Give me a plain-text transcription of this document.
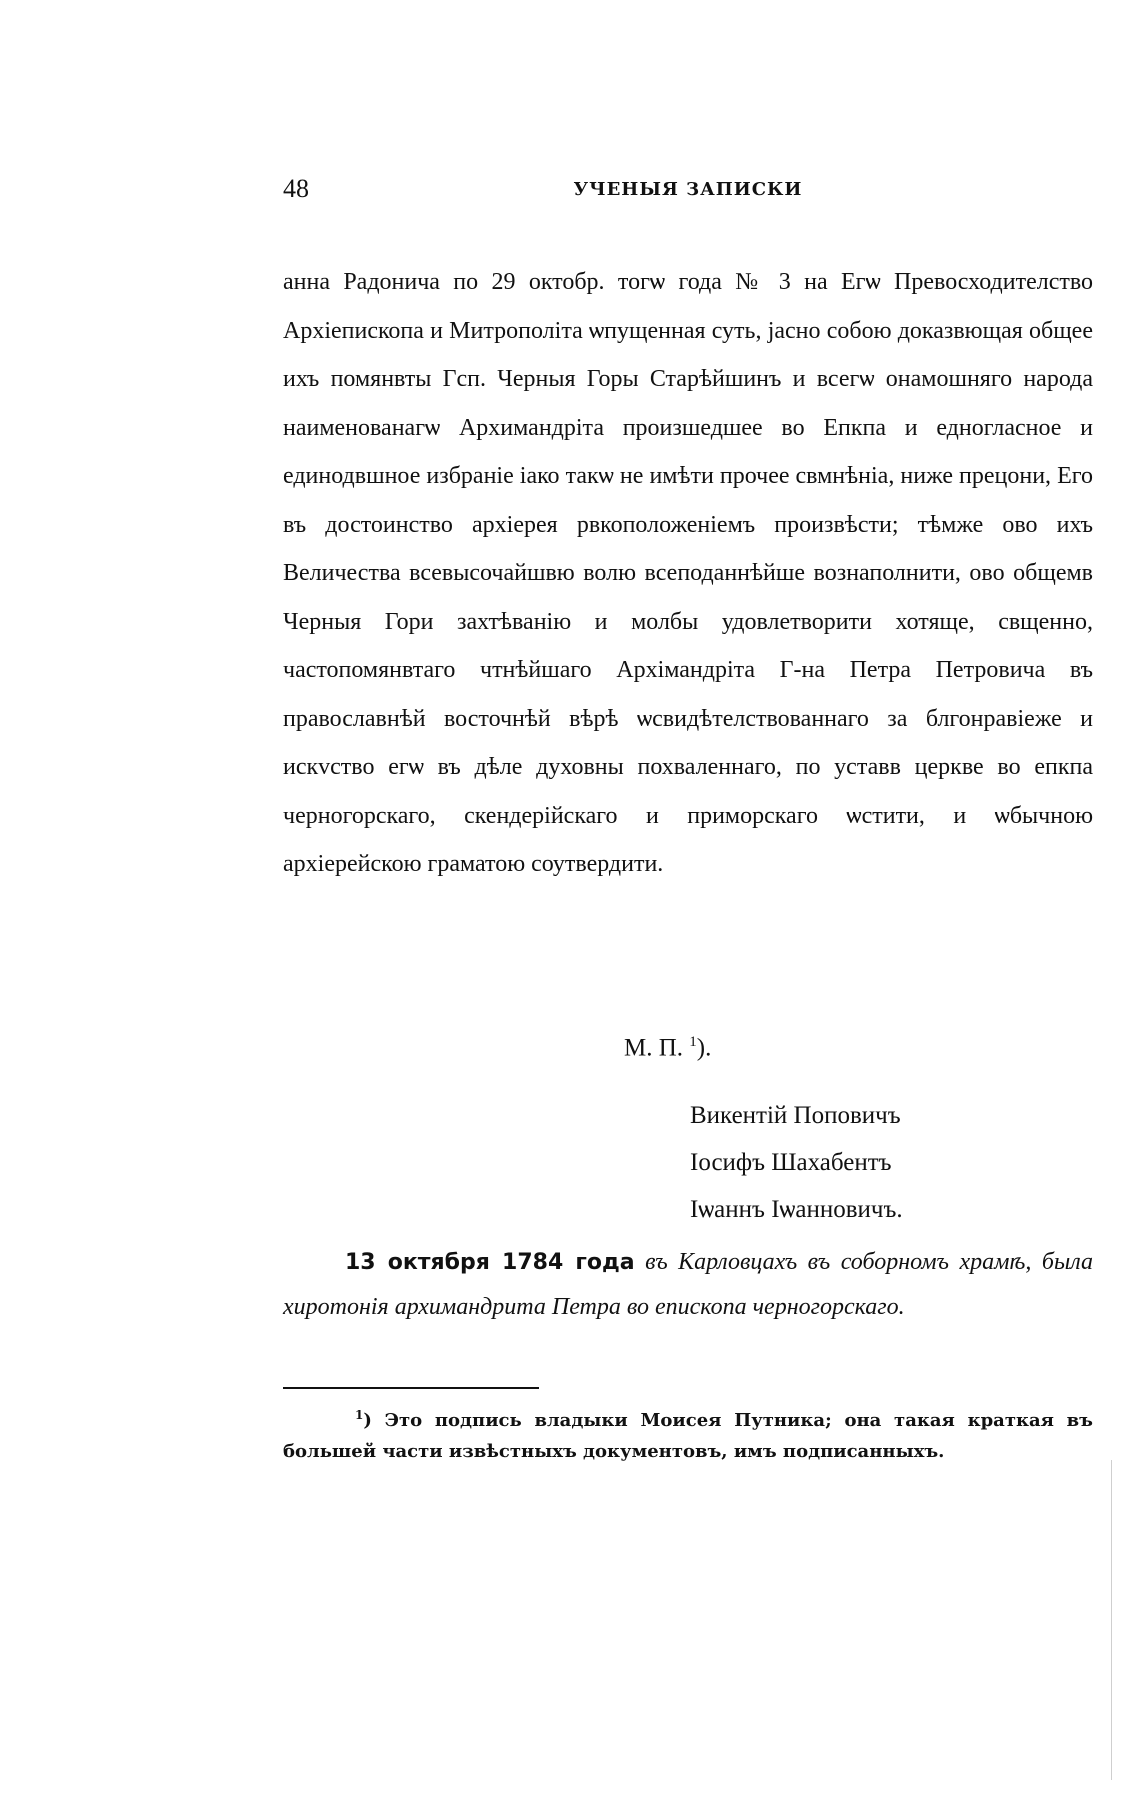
48	УЧЕНЫЯ ЗАПИСКИ

анна Радонича по 29 октобр. тогѡ года № 3 на Егѡ Превосходителство Архіепископа и Митрополіта ѡпущенная суть, јасно собою доказвющая общее ихъ помянвты Гсп. Черныя Горы Старѣйшинъ и всегѡ онамошняго народа наименованагѡ Архимандріта произшедшее во Епкпа и едногласное и единодвшное избраніе іако такѡ не имѣти прочее свмнѣніа, ниже прецони, Его въ достоинство архіерея рвкоположеніемъ произвѣсти; тѣмже ово ихъ Величества всевысочайшвю волю всеподаннѣйше вознаполнити, ово общемв Черныя Гори захтѣванію и молбы удовлетворити хотяще, свщенно, частопомянвтаго чтнѣйшаго Архімандріта Г-на Петра Петровича въ православнѣй восточнѣй вѣрѣ ѡсвидѣтелствованнаго за блгонравіеже и искvство егѡ въ дѣле духовны похваленнаго, по уставв церкве во епкпа черногорскаго, скендерійскаго и приморскаго ѡстити, и ѡбычною архіерейскою граматою соутвердити.

М. П. $^1$).
Викентій Поповичъ
Іосифъ Шахабентъ
Іѡаннъ Іѡанновичъ.
13 октября 1784 года въ Карловцахъ въ соборномъ храмѣ, была хиротонія архимандрита Петра во епископа черногорскаго.
$^1$) Это подпись владыки Моисея Путника; она такая краткая въ большей части извѣстныхъ документовъ, имъ подписанныхъ.
